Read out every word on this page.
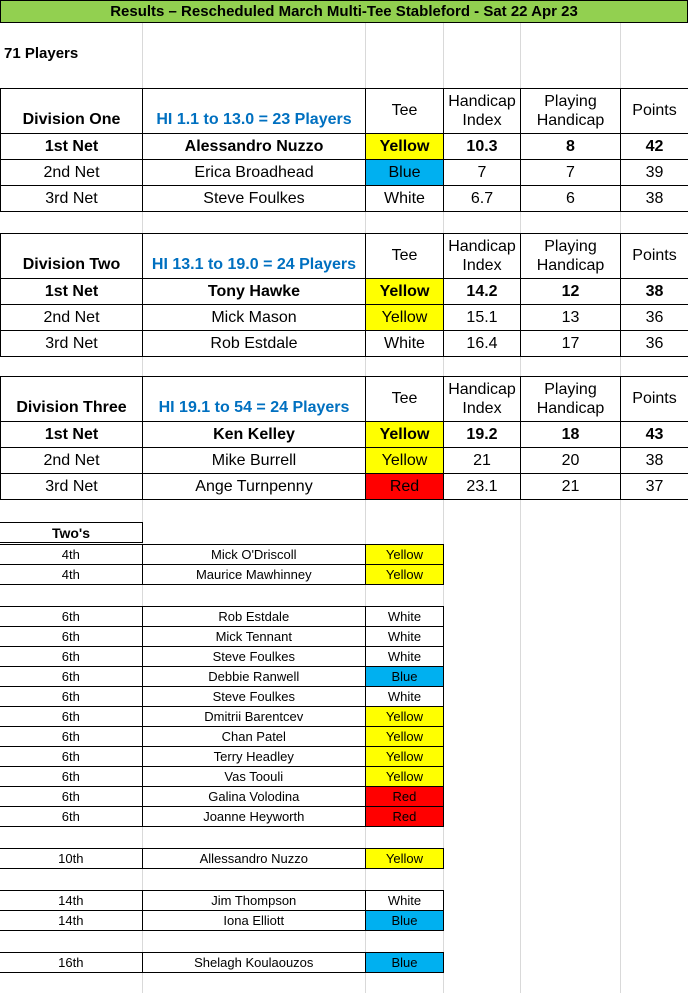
Results – Rescheduled March Multi-Tee Stableford - Sat 22 Apr 23
71 Players
Division One	HI 1.1 to 13.0 = 23 Players	Tee	Handicap Index	Playing Handicap	Points
1st Net	Alessandro Nuzzo	Yellow	10.3	8	42
2nd Net	Erica Broadhead	Blue	7	7	39
3rd Net	Steve Foulkes	White	6.7	6	38
Division Two	HI 13.1 to 19.0 = 24 Players	Tee	Handicap Index	Playing Handicap	Points
1st Net	Tony Hawke	Yellow	14.2	12	38
2nd Net	Mick Mason	Yellow	15.1	13	36
3rd Net	Rob Estdale	White	16.4	17	36
Division Three	HI 19.1 to 54 = 24 Players	Tee	Handicap Index	Playing Handicap	Points
1st Net	Ken Kelley	Yellow	19.2	18	43
2nd Net	Mike Burrell	Yellow	21	20	38
3rd Net	Ange Turnpenny	Red	23.1	21	37
Two's
4th	Mick O'Driscoll	Yellow
4th	Maurice Mawhinney	Yellow
6th	Rob Estdale	White
6th	Mick Tennant	White
6th	Steve Foulkes	White
6th	Debbie Ranwell	Blue
6th	Steve Foulkes	White
6th	Dmitrii Barentcev	Yellow
6th	Chan Patel	Yellow
6th	Terry Headley	Yellow
6th	Vas Toouli	Yellow
6th	Galina Volodina	Red
6th	Joanne Heyworth	Red
10th	Allessandro Nuzzo	Yellow
14th	Jim Thompson	White
14th	Iona Elliott	Blue
16th	Shelagh Koulaouzos	Blue
